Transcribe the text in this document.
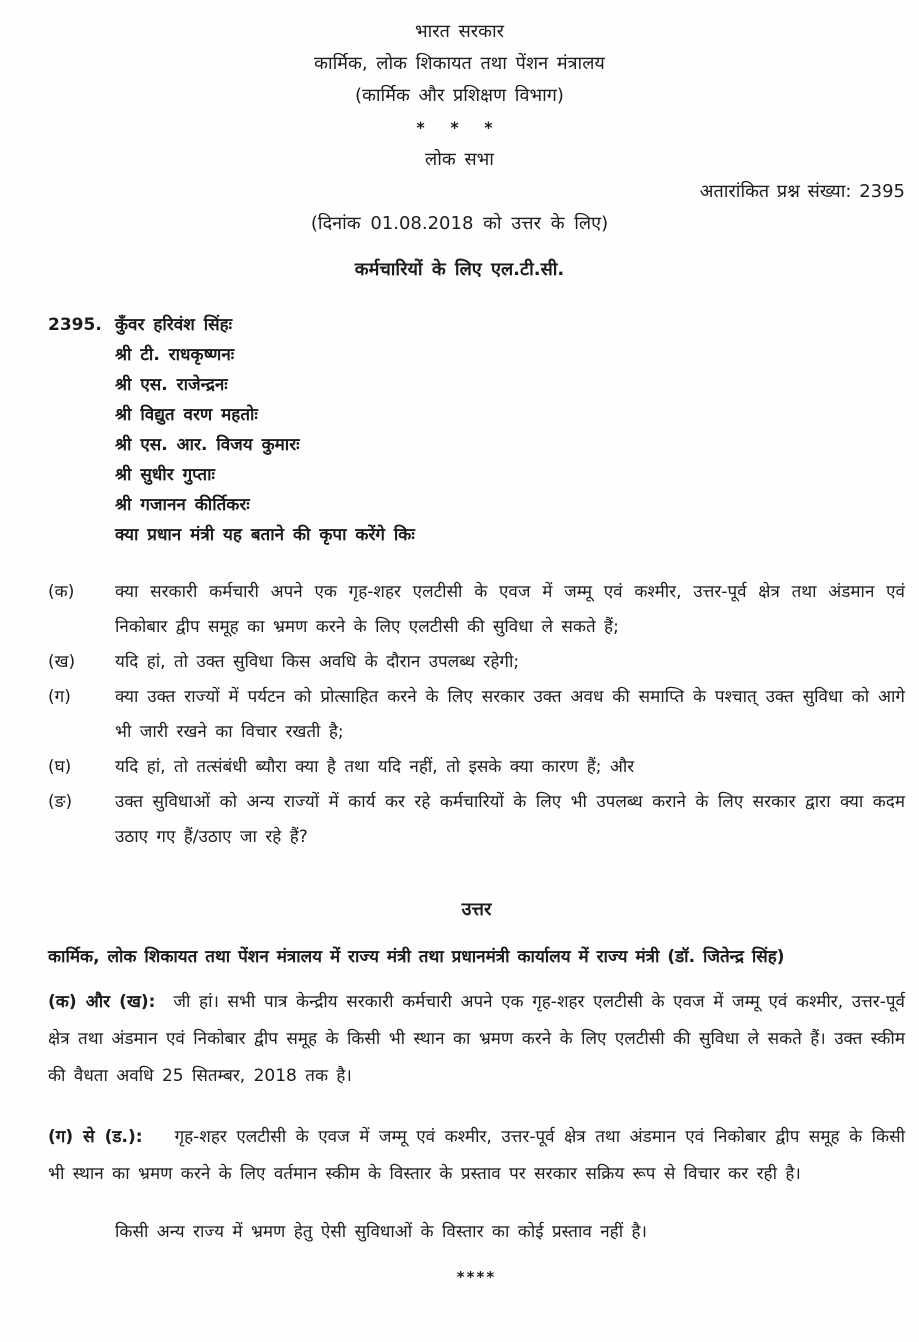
भारत सरकार
कार्मिक, लोक शिकायत तथा पेंशन मंत्रालय
(कार्मिक और प्रशिक्षण विभाग)
* * *
लोक सभा
अतारांकित प्रश्न संख्या: 2395
(दिनांक 01.08.2018 को उत्तर के लिए)
कर्मचारियों के लिए एल.टी.सी.
2395. कुँवर हरिवंश सिंहः
श्री टी. राधकृष्णनः
श्री एस. राजेन्द्रनः
श्री विद्युत वरण महतोः
श्री एस. आर. विजय कुमारः
श्री सुधीर गुप्ताः
श्री गजानन कीर्तिकरः
क्या प्रधान मंत्री यह बताने की कृपा करेंगे किः
(क)	क्या सरकारी कर्मचारी अपने एक गृह-शहर एलटीसी के एवज में जम्मू एवं कश्मीर, उत्तर-पूर्व क्षेत्र तथा अंडमान एवं निकोबार द्वीप समूह का भ्रमण करने के लिए एलटीसी की सुविधा ले सकते हैं;
(ख)	यदि हां, तो उक्त सुविधा किस अवधि के दौरान उपलब्ध रहेगी;
(ग)	क्या उक्त राज्यों में पर्यटन को प्रोत्साहित करने के लिए सरकार उक्त अवध की समाप्ति के पश्चात् उक्त सुविधा को आगे भी जारी रखने का विचार रखती है;
(घ)	यदि हां, तो तत्संबंधी ब्यौरा क्या है तथा यदि नहीं, तो इसके क्या कारण हैं; और
(ङ)	उक्त सुविधाओं को अन्य राज्यों में कार्य कर रहे कर्मचारियों के लिए भी उपलब्ध कराने के लिए सरकार द्वारा क्या कदम उठाए गए हैं/उठाए जा रहे हैं?
उत्तर
कार्मिक, लोक शिकायत तथा पेंशन मंत्रालय में राज्य मंत्री तथा प्रधानमंत्री कार्यालय में राज्य मंत्री (डॉ. जितेन्द्र सिंह)

(क) और (ख): जी हां। सभी पात्र केन्द्रीय सरकारी कर्मचारी अपने एक गृह-शहर एलटीसी के एवज में जम्मू एवं कश्मीर, उत्तर-पूर्व क्षेत्र तथा अंडमान एवं निकोबार द्वीप समूह के किसी भी स्थान का भ्रमण करने के लिए एलटीसी की सुविधा ले सकते हैं। उक्त स्कीम की वैधता अवधि 25 सितम्बर, 2018 तक है।

(ग) से (ड.): गृह-शहर एलटीसी के एवज में जम्मू एवं कश्मीर, उत्तर-पूर्व क्षेत्र तथा अंडमान एवं निकोबार द्वीप समूह के किसी भी स्थान का भ्रमण करने के लिए वर्तमान स्कीम के विस्तार के प्रस्ताव पर सरकार सक्रिय रूप से विचार कर रही है।

किसी अन्य राज्य में भ्रमण हेतु ऐसी सुविधाओं के विस्तार का कोई प्रस्ताव नहीं है।

****
